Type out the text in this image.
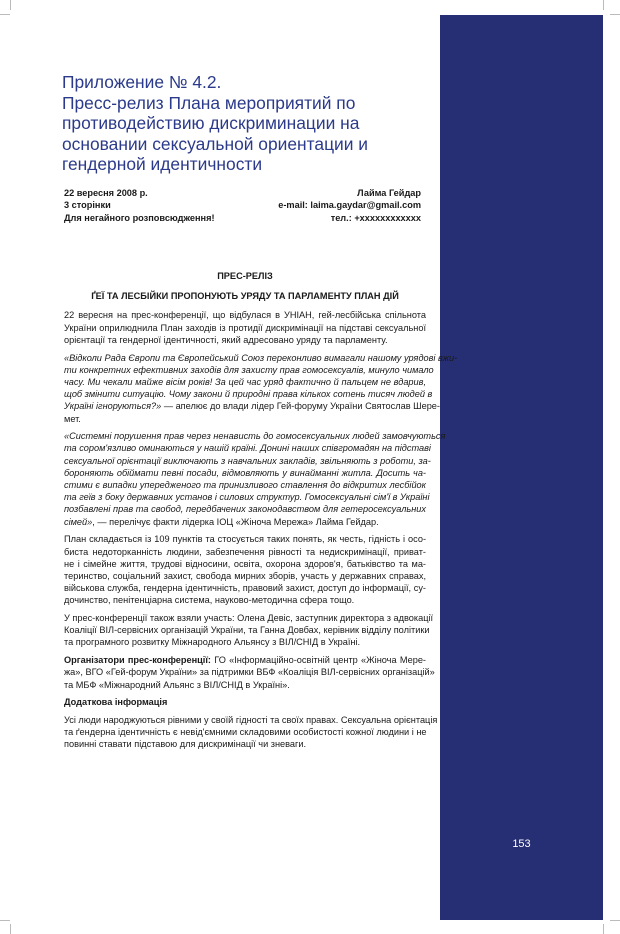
153
Приложение № 4.2.
Пресс-релиз Плана мероприятий по
противодействию дискриминации на
основании сексуальной ориентации и
гендерной идентичности
22 вересня 2008 р.	Лайма Гейдар
3 сторінки	e-mail: laima.gaydar@gmail.com
Для негайного розповсюдження!	тел.: +xxxxxxxxxxxx
ПРЕС-РЕЛІЗ
ҐЕЇ ТА ЛЕСБІЙКИ ПРОПОНУЮТЬ УРЯДУ ТА ПАРЛАМЕНТУ ПЛАН ДІЙ
22 вересня на прес-конференції, що відбулася в УНІАН, гей-лесбійська спільнота
України оприлюднила План заходів із протидії дискримінації на підставі сексуальної
орієнтації та гендерної ідентичності, який адресовано уряду та парламенту.
«Відколи Рада Європи та Європейський Союз переконливо вимагали нашому урядові вжи-
ти конкретних ефективних заходів для захисту прав гомосексуалів, минуло чимало
часу. Ми чекали майже вісім років! За цей час уряд фактично й пальцем не вдарив,
щоб змінити ситуацію. Чому закони й природні права кількох сотень тисяч людей в
Україні ігноруються?» — апелює до влади лідер Гей-форуму України Святослав Шере-
мет.
«Системні порушення прав через ненависть до гомосексуальних людей замовчуються
та сором'язливо оминаються у нашій країні. Донині наших співгромадян на підставі
сексуальної орієнтації виключають з навчальних закладів, звільняють з роботи, за-
бороняють обіймати певні посади, відмовляють у винайманні житла. Досить ча-
стими є випадки упередженого та принизливого ставлення до відкритих лесбійок
та геїв з боку державних установ і силових структур. Гомосексуальні сім'ї в Україні
позбавлені прав та свобод, передбачених законодавством для гетеросексуальних
сімей», — перелічує факти лідерка ІОЦ «Жіноча Мережа» Лайма Гейдар.
План складається із 109 пунктів та стосується таких понять, як честь, гідність і осо-
биста недоторканність людини, забезпечення рівності та недискримінації, приват-
не і сімейне життя, трудові відносини, освіта, охорона здоров'я, батьківство та ма-
теринство, соціальний захист, свобода мирних зборів, участь у державних справах,
військова служба, гендерна ідентичність, правовий захист, доступ до інформації, су-
дочинство, пенітенціарна система, науково-методична сфера тощо.
У прес-конференції також взяли участь: Олена Девіс, заступник директора з адвокації
Коаліції ВІЛ-сервісних організацій України, та Ганна Довбах, керівник відділу політики
та програмного розвитку Міжнародного Альянсу з ВІЛ/СНІД в Україні.
Організатори прес-конференції: ГО «Інформаційно-освітній центр «Жіноча Мере-
жа», ВГО «Гей-форум України» за підтримки ВБФ «Коаліція ВІЛ-сервісних організацій»
та МБФ «Міжнародний Альянс з ВІЛ/СНІД в Україні».
Додаткова інформація
Усі люди народжуються рівними у своїй гідності та своїх правах. Сексуальна орієнтація
та ґендерна ідентичність є невід'ємними складовими особистості кожної людини і не
повинні ставати підставою для дискримінації чи зневаги.
